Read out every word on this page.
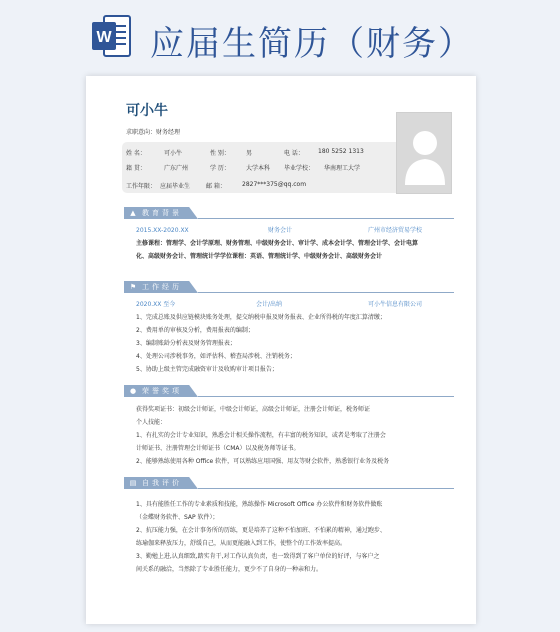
W 应届生简历（财务）
可小牛
求职意向：财务经理
姓 名：	可小牛	性 别：	男	电 话： 180 5252 1313
籍 贯：	广东广州	学 历：	大学本科 毕业学校： 华南理工大学
工作年限： 应届毕业生	邮 箱：	2827***375@qq.com
▲ 教育背景
2015.XX-2020.XX	财务会计	广州市经济贸易学校
主修课程：管理学、会计学原理、财务管理、中级财务会计、审计学、成本会计学、管理会计学、会计电算
化、高级财务会计、管理统计学学位课程：英语、管理统计学、中级财务会计、高级财务会计
⚑ 工作经历
2020.XX 至今	会计/出纳	可小牛信息有限公司
1、完成总账及供应链模块账务处理，提交纳税申报及财务报表、企业所得税的年度汇算清缴；
2、费用单的审核及分析，费用报表的编制；
3、编制账龄分析表及财务管理报表；
4、处理公司涉税事务，如评估科、稽查局涉税、注销税务；
5、协助上级主管完成融资审计及收购审计项目报告；
● 荣誉奖项
获得奖项证书：初级会计师证，中级会计师证，高级会计师证，注册会计师证，税务师证
个人技能：
1、有扎实的会计专业知识，熟悉会计相关操作流程，有丰富的税务知识，或者是考取了注册会
计师证书、注册管理会计师证书（CMA）以及税务师等证书。
2、能够熟练使用各种 Office 软件，可以熟练应用国强、用友等财会软件，熟悉银行业务及税务
▤ 自我评价
1、具有能胜任工作的专业素质和技能，熟练操作 Microsoft Office 办公软件和财务软件做账
（金蝶财务软件、SAP 软件）；
2、抗压能力强，在会计事务所的历练，更是培养了这种不怕加班、不怕累的精神，通过跑步、
练瑜伽来释放压力，舒缓自己，从而更能融入到工作，使整个的工作效率提高。
3、勤勉上进,认真细致,踏实肯干,对工作认真负责，也一致得到了客户单位的好评，与客户之
间关系的融洽，当然除了专业胜任能力，更少不了自身的一种亲和力。
